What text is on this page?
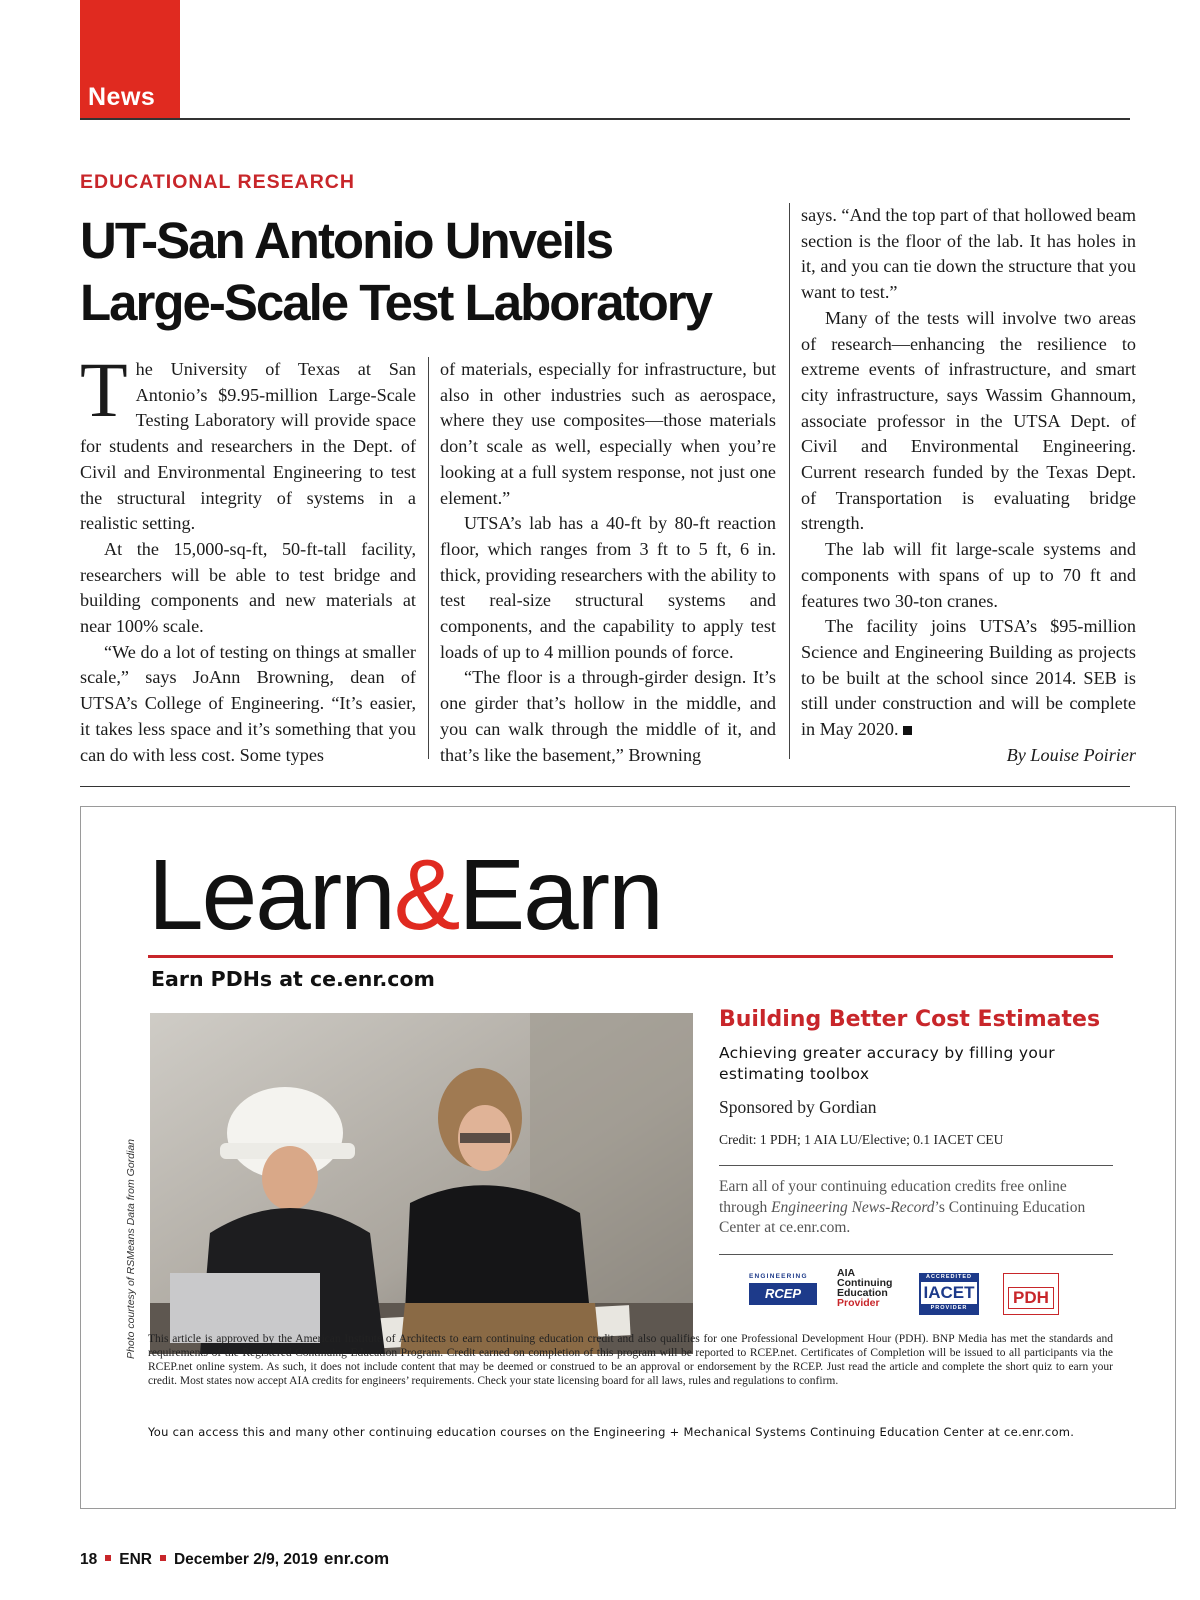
News
EDUCATIONAL RESEARCH
UT-San Antonio Unveils
Large-Scale Test Laboratory

The University of Texas at San Antonio’s $9.95-million Large-Scale Testing Laboratory will provide space for students and researchers in the Dept. of Civil and Environmental Engineering to test the structural integrity of systems in a realistic setting.

At the 15,000-sq-ft, 50-ft-tall facility, researchers will be able to test bridge and building components and new materials at near 100% scale.

“We do a lot of testing on things at smaller scale,” says JoAnn Browning, dean of UTSA’s College of Engineering. “It’s easier, it takes less space and it’s something that you can do with less cost. Some types

of materials, especially for infrastructure, but also in other industries such as aerospace, where they use composites—those materials don’t scale as well, especially when you’re looking at a full system response, not just one element.”

UTSA’s lab has a 40-ft by 80-ft reaction floor, which ranges from 3 ft to 5 ft, 6 in. thick, providing researchers with the ability to test real-size structural systems and components, and the capability to apply test loads of up to 4 million pounds of force.

“The floor is a through-girder design. It’s one girder that’s hollow in the middle, and you can walk through the middle of it, and that’s like the basement,” Browning

says. “And the top part of that hollowed beam section is the floor of the lab. It has holes in it, and you can tie down the structure that you want to test.”

Many of the tests will involve two areas of research—enhancing the resilience to extreme events of infrastructure, and smart city infrastructure, says Wassim Ghannoum, associate professor in the UTSA Dept. of Civil and Environmental Engineering. Current research funded by the Texas Dept. of Transportation is evaluating bridge strength.

The lab will fit large-scale systems and components with spans of up to 70 ft and features two 30-ton cranes.

The facility joins UTSA’s $95-million Science and Engineering Building as projects to be built at the school since 2014. SEB is still under construction and will be complete in May 2020.

By Louise Poirier

Learn&Earn
Earn PDHs at ce.enr.com
Photo courtesy of RSMeans Data from Gordian
Building Better Cost Estimates
Achieving greater accuracy by filling your estimating toolbox
Sponsored by Gordian
Credit: 1 PDH; 1 AIA LU/Elective; 0.1 IACET CEU
Earn all of your continuing education credits free online through Engineering News-Record’s Continuing Education Center at ce.enr.com.
ENGINEERING
RCEP
AIA
Continuing
Education
Provider
ACCREDITED
IACET
PROVIDER
PDH
This article is approved by the American Institute of Architects to earn continuing education credit and also qualifies for one Professional Development Hour (PDH). BNP Media has met the standards and requirements of the Registered Continuing Education Program. Credit earned on completion of this program will be reported to RCEP.net. Certificates of Completion will be issued to all participants via the RCEP.net online system. As such, it does not include content that may be deemed or construed to be an approval or endorsement by the RCEP. Just read the article and complete the short quiz to earn your credit. Most states now accept AIA credits for engineers’ requirements. Check your state licensing board for all laws, rules and regulations to confirm.
You can access this and many other continuing education courses on the Engineering + Mechanical Systems Continuing Education Center at ce.enr.com.
18 ENR December 2/9, 2019 enr.com
